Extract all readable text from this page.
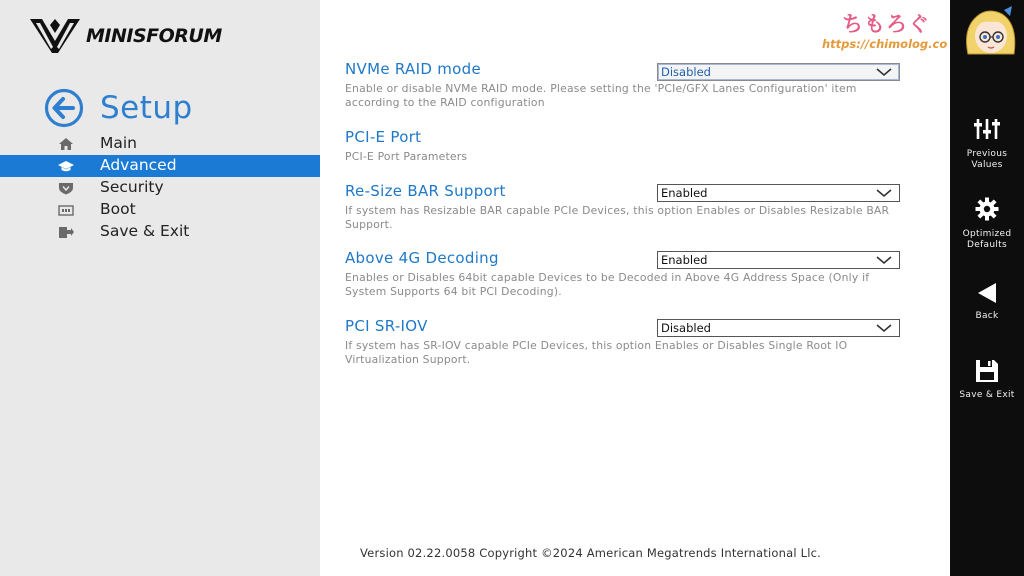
MINISFORUM
Setup
Main
Advanced
Security
Boot
Save & Exit
NVMe RAID mode
Enable or disable NVMe RAID mode. Please setting the 'PCIe/GFX Lanes Configuration' item according to the RAID configuration
Disabled
PCI-E Port
PCI-E Port Parameters
Re-Size BAR Support
If system has Resizable BAR capable PCIe Devices, this option Enables or Disables Resizable BAR Support.
Enabled
Above 4G Decoding
Enables or Disables 64bit capable Devices to be Decoded in Above 4G Address Space (Only if System Supports 64 bit PCI Decoding).
Enabled
PCI SR-IOV
If system has SR-IOV capable PCIe Devices, this option Enables or Disables Single Root IO Virtualization Support.
Disabled
Version 02.22.0058 Copyright ©2024 American Megatrends International Llc.
Previous Values
Optimized Defaults
Back
Save & Exit
ちもろぐ
https://chimolog.co
